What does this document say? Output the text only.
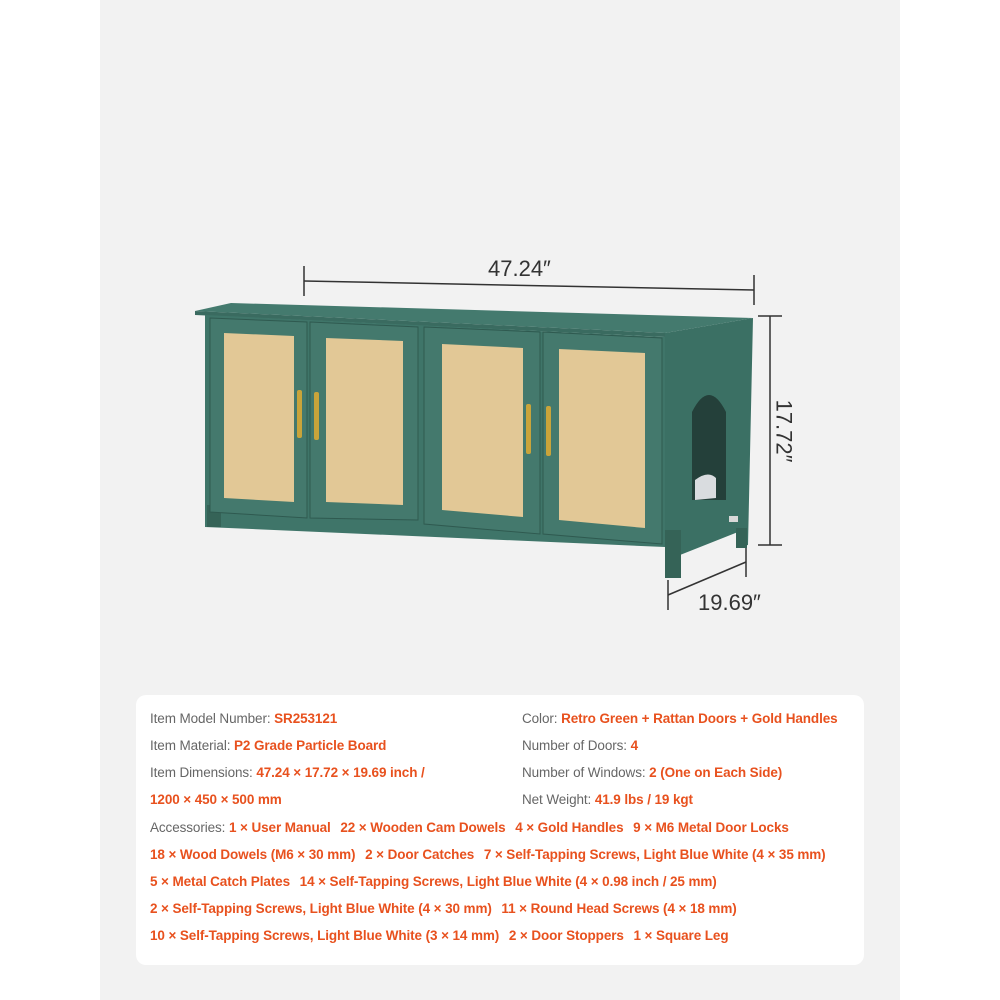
47.24″
17.72″
19.69″
Item Model Number: SR253121	Color: Retro Green + Rattan Doors + Gold Handles
Item Material: P2 Grade Particle Board	Number of Doors: 4
Item Dimensions: 47.24 × 17.72 × 19.69 inch /	Number of Windows: 2 (One on Each Side)
1200 × 450 × 500 mm	Net Weight: 41.9 lbs / 19 kgt
Accessories: 1 × User Manual 22 × Wooden Cam Dowels 4 × Gold Handles 9 × M6 Metal Door Locks
18 × Wood Dowels (M6 × 30 mm) 2 × Door Catches 7 × Self-Tapping Screws, Light Blue White (4 × 35 mm)
5 × Metal Catch Plates 14 × Self-Tapping Screws, Light Blue White (4 × 0.98 inch / 25 mm)
2 × Self-Tapping Screws, Light Blue White (4 × 30 mm) 11 × Round Head Screws (4 × 18 mm)
10 × Self-Tapping Screws, Light Blue White (3 × 14 mm) 2 × Door Stoppers 1 × Square Leg
